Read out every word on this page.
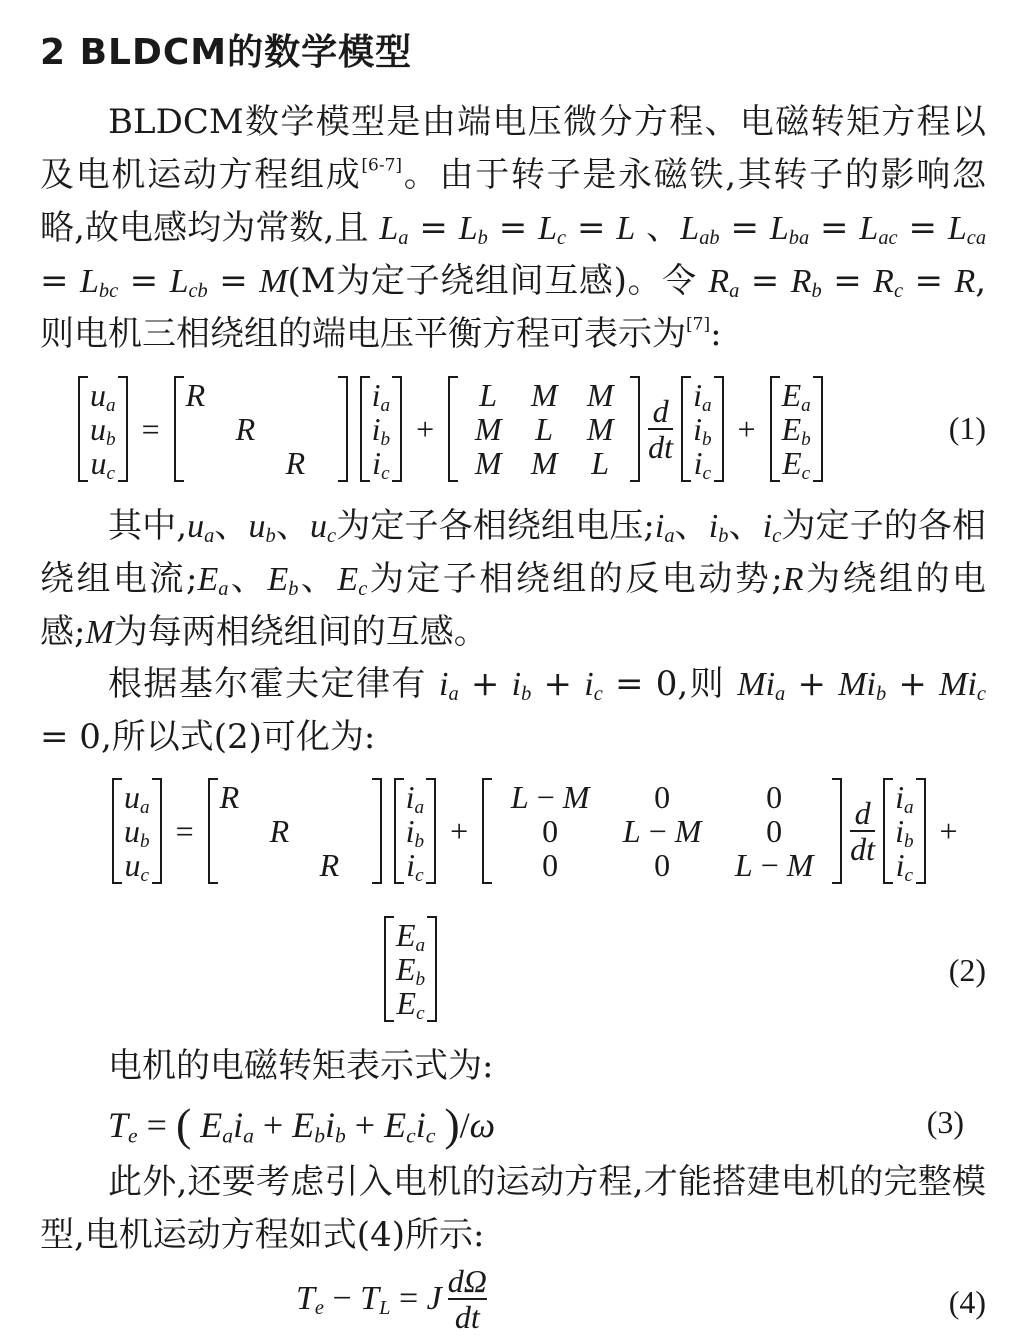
2 BLDCM的数学模型

BLDCM数学模型是由端电压微分方程、电磁转矩方程以及电机运动方程组成[6-7]。由于转子是永磁铁,其转子的影响忽略,故电感均为常数,且 $L_a = L_b = L_c = L$ 、$L_{ab} = L_{ba} = L_{ac} = L_{ca} = L_{bc} = L_{cb} = M(M$为定子绕组间互感)。令 $R_a = R_b = R_c = R$,则电机三相绕组的端电压平衡方程可表示为[7]:

$u_a$
$u_b$
$u_c$
=
R
R
R
$i_a$
$i_b$
$i_c$
+
L	M M
M	L	M
M M	L	$\frac{d}{dt} i_a$
$i_b$
$i_c$
+
$E_a$
$E_b$
$E_c$
(1)

其中$,u_a$、$u_b$、$u_c$为定子各相绕组电压$;i_a$、$i_b$、$i_c$为定子的各相绕组电流$;E_a$、$E_b$、$E_c$为定子相绕组的反电动势;R为绕组的电感;M为每两相绕组间的互感。

根据基尔霍夫定律有 $i_a + i_b + i_c = 0$,则 $Mi_a + Mi_b + Mi_c = 0$,所以式(2)可化为:

$u_a$
$u_b$
$u_c$
=
R
R
R
$i_a$
$i_b$
$i_c$
+
L − M	0	0
0	L − M	0
0	0	L − M	$\frac{d}{dt} i_a$
$i_b$
$i_c$
+
$E_a$
$E_b$
$E_c$
(2)

电机的电磁转矩表示式为:

$T_e$ = ( $E_ai_a + E_bi_b + E_ci_c$ )/ω	(3)

此外,还要考虑引入电机的运动方程,才能搭建电机的完整模型,电机运动方程如式(4)所示:

$T_e - T_L = J \frac{d\Omega}{dt}$	(4)
